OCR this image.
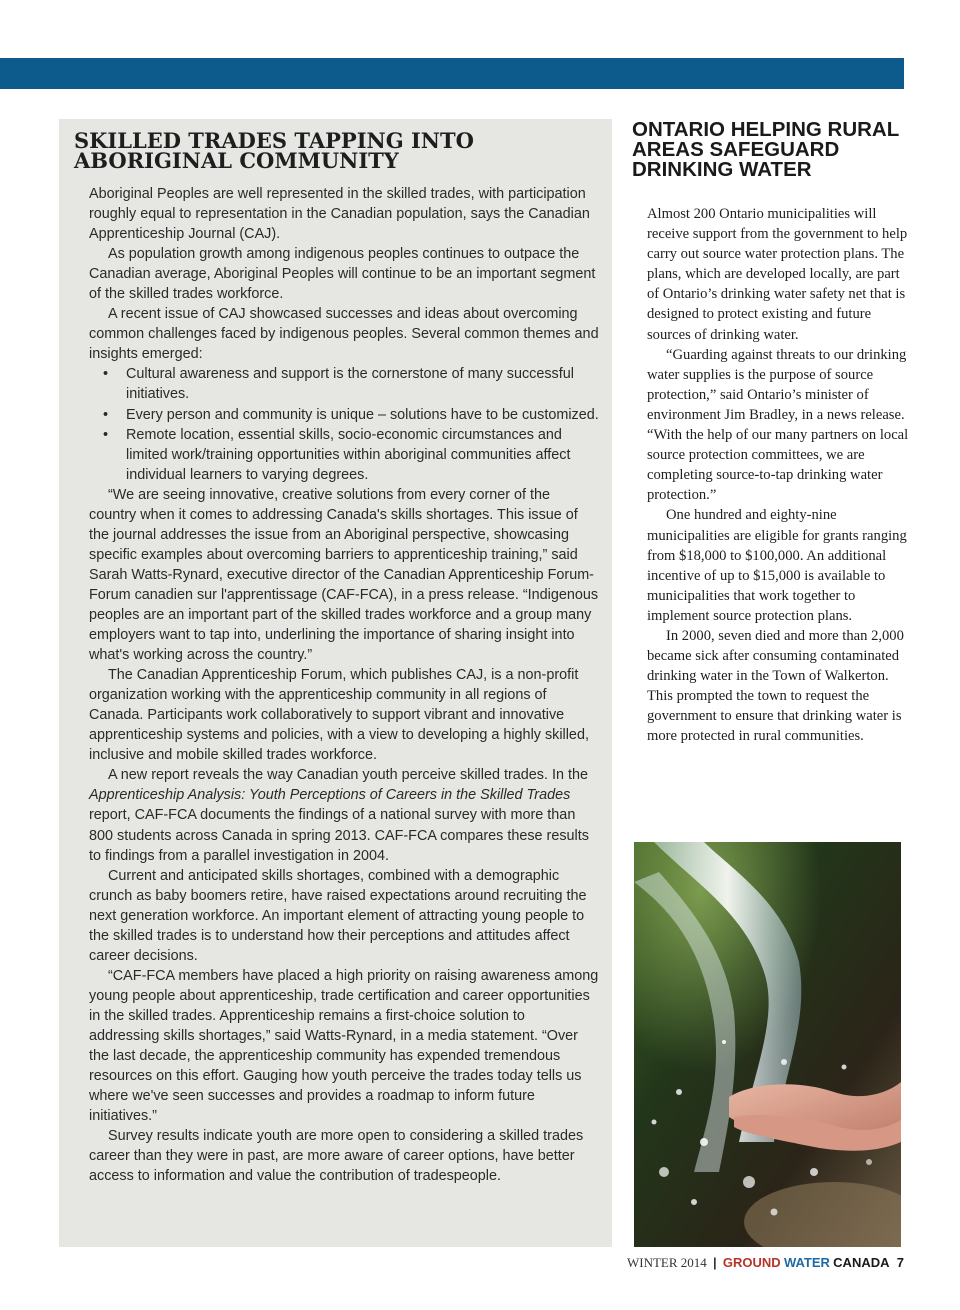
SKILLED TRADES TAPPING INTO ABORIGINAL COMMUNITY

Aboriginal Peoples are well represented in the skilled trades, with participation roughly equal to representation in the Canadian population, says the Canadian Apprenticeship Journal (CAJ).

As population growth among indigenous peoples continues to outpace the Canadian average, Aboriginal Peoples will continue to be an important segment of the skilled trades workforce.

A recent issue of CAJ showcased successes and ideas about overcoming common challenges faced by indigenous peoples. Several common themes and insights emerged:

• Cultural awareness and support is the cornerstone of many successful initiatives.
• Every person and community is unique – solutions have to be customized.
• Remote location, essential skills, socio-economic circumstances and limited work/training opportunities within aboriginal communities affect individual learners to varying degrees.

“We are seeing innovative, creative solutions from every corner of the country when it comes to addressing Canada's skills shortages. This issue of the journal addresses the issue from an Aboriginal perspective, showcasing specific examples about overcoming barriers to apprenticeship training,” said Sarah Watts-Rynard, executive director of the Canadian Apprenticeship Forum-Forum canadien sur l'apprentissage (CAF-FCA), in a press release. “Indigenous peoples are an important part of the skilled trades workforce and a group many employers want to tap into, underlining the importance of sharing insight into what's working across the country.”

The Canadian Apprenticeship Forum, which publishes CAJ, is a non-profit organization working with the apprenticeship community in all regions of Canada. Participants work collaboratively to support vibrant and innovative apprenticeship systems and policies, with a view to developing a highly skilled, inclusive and mobile skilled trades workforce.

A new report reveals the way Canadian youth perceive skilled trades. In the Apprenticeship Analysis: Youth Perceptions of Careers in the Skilled Trades report, CAF-FCA documents the findings of a national survey with more than 800 students across Canada in spring 2013. CAF-FCA compares these results to findings from a parallel investigation in 2004.

Current and anticipated skills shortages, combined with a demographic crunch as baby boomers retire, have raised expectations around recruiting the next generation workforce. An important element of attracting young people to the skilled trades is to understand how their perceptions and attitudes affect career decisions.

“CAF-FCA members have placed a high priority on raising awareness among young people about apprenticeship, trade certification and career opportunities in the skilled trades. Apprenticeship remains a first-choice solution to addressing skills shortages,” said Watts-Rynard, in a media statement. “Over the last decade, the apprenticeship community has expended tremendous resources on this effort. Gauging how youth perceive the trades today tells us where we've seen successes and provides a roadmap to inform future initiatives.”

Survey results indicate youth are more open to considering a skilled trades career than they were in past, are more aware of career options, have better access to information and value the contribution of tradespeople.

ONTARIO HELPING RURAL AREAS SAFEGUARD DRINKING WATER

Almost 200 Ontario municipalities will receive support from the government to help carry out source water protection plans. The plans, which are developed locally, are part of Ontario’s drinking water safety net that is designed to protect existing and future sources of drinking water.

“Guarding against threats to our drinking water supplies is the purpose of source protection,” said Ontario’s minister of environment Jim Bradley, in a news release. “With the help of our many partners on local source protection committees, we are completing source-to-tap drinking water protection.”

One hundred and eighty-nine municipalities are eligible for grants ranging from $18,000 to $100,000. An additional incentive of up to $15,000 is available to municipalities that work together to implement source protection plans.

In 2000, seven died and more than 2,000 became sick after consuming contaminated drinking water in the Town of Walkerton. This prompted the town to request the government to ensure that drinking water is more protected in rural communities.

WINTER 2014 | GROUND WATER CANADA 7
